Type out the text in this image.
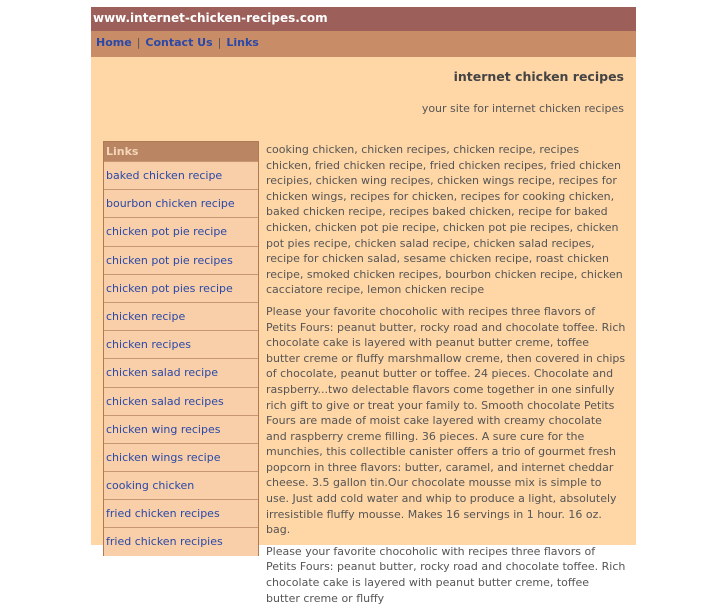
www.internet-chicken-recipes.com
Home | Contact Us | Links
internet chicken recipes
your site for internet chicken recipes
Links
baked chicken recipe
bourbon chicken recipe
chicken pot pie recipe
chicken pot pie recipes
chicken pot pies recipe
chicken recipe
chicken recipes
chicken salad recipe
chicken salad recipes
chicken wing recipes
chicken wings recipe
cooking chicken
fried chicken recipes
fried chicken recipies

cooking chicken, chicken recipes, chicken recipe, recipes chicken, fried chicken recipe, fried chicken recipes, fried chicken recipies, chicken wing recipes, chicken wings recipe, recipes for chicken wings, recipes for chicken, recipes for cooking chicken, baked chicken recipe, recipes baked chicken, recipe for baked chicken, chicken pot pie recipe, chicken pot pie recipes, chicken pot pies recipe, chicken salad recipe, chicken salad recipes, recipe for chicken salad, sesame chicken recipe, roast chicken recipe, smoked chicken recipes, bourbon chicken recipe, chicken cacciatore recipe, lemon chicken recipe

Please your favorite chocoholic with recipes three flavors of Petits Fours: peanut butter, rocky road and chocolate toffee. Rich chocolate cake is layered with peanut butter creme, toffee butter creme or fluffy marshmallow creme, then covered in chips of chocolate, peanut butter or toffee. 24 pieces. Chocolate and raspberry...two delectable flavors come together in one sinfully rich gift to give or treat your family to. Smooth chocolate Petits Fours are made of moist cake layered with creamy chocolate and raspberry creme filling. 36 pieces. A sure cure for the munchies, this collectible canister offers a trio of gourmet fresh popcorn in three flavors: butter, caramel, and internet cheddar cheese. 3.5 gallon tin.Our chocolate mousse mix is simple to use. Just add cold water and whip to produce a light, absolutely irresistible fluffy mousse. Makes 16 servings in 1 hour. 16 oz. bag.

Please your favorite chocoholic with recipes three flavors of Petits Fours: peanut butter, rocky road and chocolate toffee. Rich chocolate cake is layered with peanut butter creme, toffee butter creme or fluffy
